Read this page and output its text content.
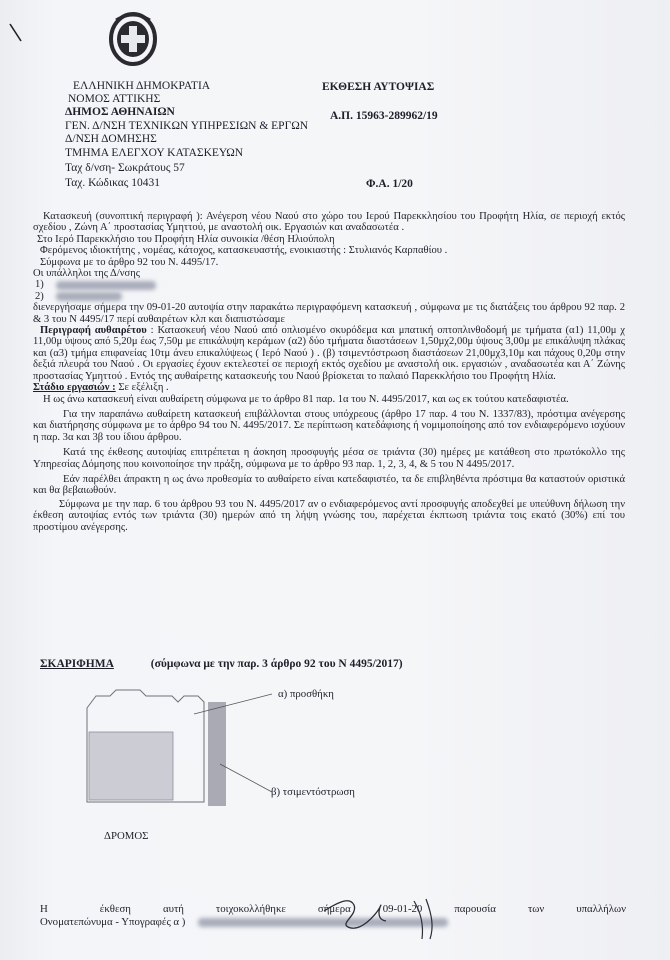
ΕΛΛΗΝΙΚΗ ΔΗΜΟΚΡΑΤΙΑ
ΝΟΜΟΣ ΑΤΤΙΚΗΣ
ΔΗΜΟΣ ΑΘΗΝΑΙΩΝ
ΓΕΝ. Δ/ΝΣΗ ΤΕΧΝΙΚΩΝ ΥΠΗΡΕΣΙΩΝ & ΕΡΓΩΝ
Δ/ΝΣΗ ΔΟΜΗΣΗΣ
ΤΜΗΜΑ ΕΛΕΓΧΟΥ ΚΑΤΑΣΚΕΥΩΝ
Ταχ δ/νση- Σωκράτους 57
Ταχ. Κώδικας 10431
ΕΚΘΕΣΗ ΑΥΤΟΨΙΑΣ
Α.Π. 15963-289962/19
Φ.Α. 1/20

Κατασκευή (συνοπτική περιγραφή ): Ανέγερση νέου Ναού στο χώρο του Ιερού Παρεκκλησίου του Προφήτη Ηλία, σε περιοχή εκτός σχεδίου , Ζώνη Α΄ προστασίας Υμηττού, με αναστολή οικ. Εργασιών και αναδασωτέα .

Στο Ιερό Παρεκκλήσιο του Προφήτη Ηλία συνοικία /θέση Ηλιούπολη

Φερόμενος ιδιοκτήτης , νομέας, κάτοχος, κατασκευαστής, ενοικιαστής : Στυλιανός Καρπαθίου .

Σύμφωνα με το άρθρο 92 του Ν. 4495/17.

Οι υπάλληλοι της Δ/νσης

1)

2)

διενεργήσαμε σήμερα την 09-01-20 αυτοψία στην παρακάτω περιγραφόμενη κατασκευή , σύμφωνα με τις διατάξεις του άρθρου 92 παρ. 2 & 3 του Ν 4495/17 περί αυθαιρέτων κλπ και διαπιστώσαμε

Περιγραφή αυθαιρέτου : Κατασκευή νέου Ναού από οπλισμένο σκυρόδεμα και μπατική οπτοπλινθοδομή με τμήματα (α1) 11,00μ χ 11,00μ ύψους από 5,20μ έως 7,50μ με επικάλυψη κεράμων (α2) δύο τμήματα διαστάσεων 1,50μχ2,00μ ύψους 3,00μ με επικάλυψη πλάκας και (α3) τμήμα επιφανείας 10τμ άνευ επικαλύψεως ( Ιερό Ναού ) . (β) τσιμεντόστρωση διαστάσεων 21,00μχ3,10μ και πάχους 0,20μ στην δεξιά πλευρά του Ναού . Οι εργασίες έχουν εκτελεστεί σε περιοχή εκτός σχεδίου με αναστολή οικ. εργασιών , αναδασωτέα και Α΄ Ζώνης προστασίας Υμηττού . Εντός της αυθαίρετης κατασκευής του Ναού βρίσκεται το παλαιό Παρεκκλήσιο του Προφήτη Ηλία.

Στάδιο εργασιών : Σε εξέλιξη .

Η ως άνω κατασκευή είναι αυθαίρετη σύμφωνα με το άρθρο 81 παρ. 1α του Ν. 4495/2017, και ως εκ τούτου κατεδαφιστέα.

Για την παραπάνω αυθαίρετη κατασκευή επιβάλλονται στους υπόχρεους (άρθρο 17 παρ. 4 του Ν. 1337/83), πρόστιμα ανέγερσης και διατήρησης σύμφωνα με το άρθρο 94 του Ν. 4495/2017. Σε περίπτωση κατεδάφισης ή νομιμοποίησης από τον ενδιαφερόμενο ισχύουν η παρ. 3α και 3β του ίδιου άρθρου.

Κατά της έκθεσης αυτοψίας επιτρέπεται η άσκηση προσφυγής μέσα σε τριάντα (30) ημέρες με κατάθεση στο πρωτόκολλο της Υπηρεσίας Δόμησης που κοινοποίησε την πράξη, σύμφωνα με το άρθρο 93 παρ. 1, 2, 3, 4, & 5 του Ν 4495/2017.

Εάν παρέλθει άπρακτη η ως άνω προθεσμία το αυθαίρετο είναι κατεδαφιστέο, τα δε επιβληθέντα πρόστιμα θα καταστούν οριστικά και θα βεβαιωθούν.

Σύμφωνα με την παρ. 6 του άρθρου 93 του Ν. 4495/2017 αν ο ενδιαφερόμενος αντί προσφυγής αποδεχθεί με υπεύθυνη δήλωση την έκθεση αυτοψίας εντός των τριάντα (30) ημερών από τη λήψη γνώσης του, παρέχεται έκπτωση τριάντα τοις εκατό (30%) επί του προστίμου ανέγερσης.

ΣΚΑΡΙΦΗΜΑ	(σύμφωνα με την παρ. 3 άρθρο 92 του Ν 4495/2017)
α) προσθήκη
β) τσιμεντόστρωση
ΔΡΟΜΟΣ
Η	έκθεση	αυτή	τοιχοκολλήθηκε	σήμερα	09-01-20	παρουσία	των	υπαλλήλων
Ονοματεπώνυμα - Υπογραφές α )
